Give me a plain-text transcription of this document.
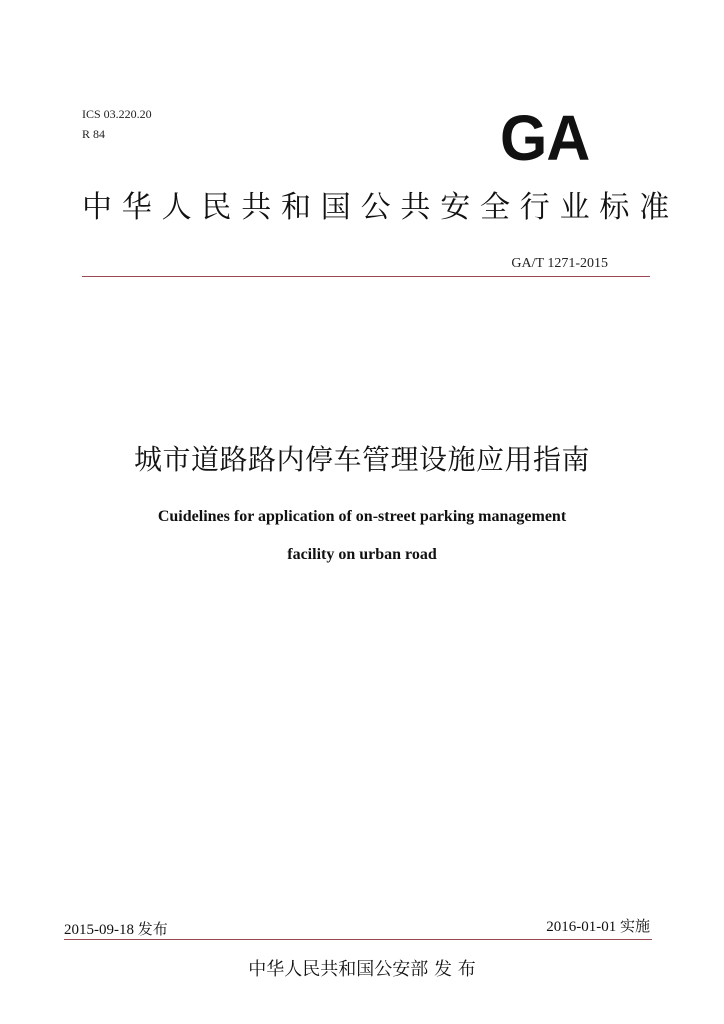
ICS 03.220.20
R 84	GA
中华人民共和国公共安全行业标准
GA/T 1271-2015
城市道路路内停车管理设施应用指南
Cuidelines for application of on-street parking management
facility on urban road
2015-09-18 发布	2016-01-01 实施
中华人民共和国公安部 发 布
